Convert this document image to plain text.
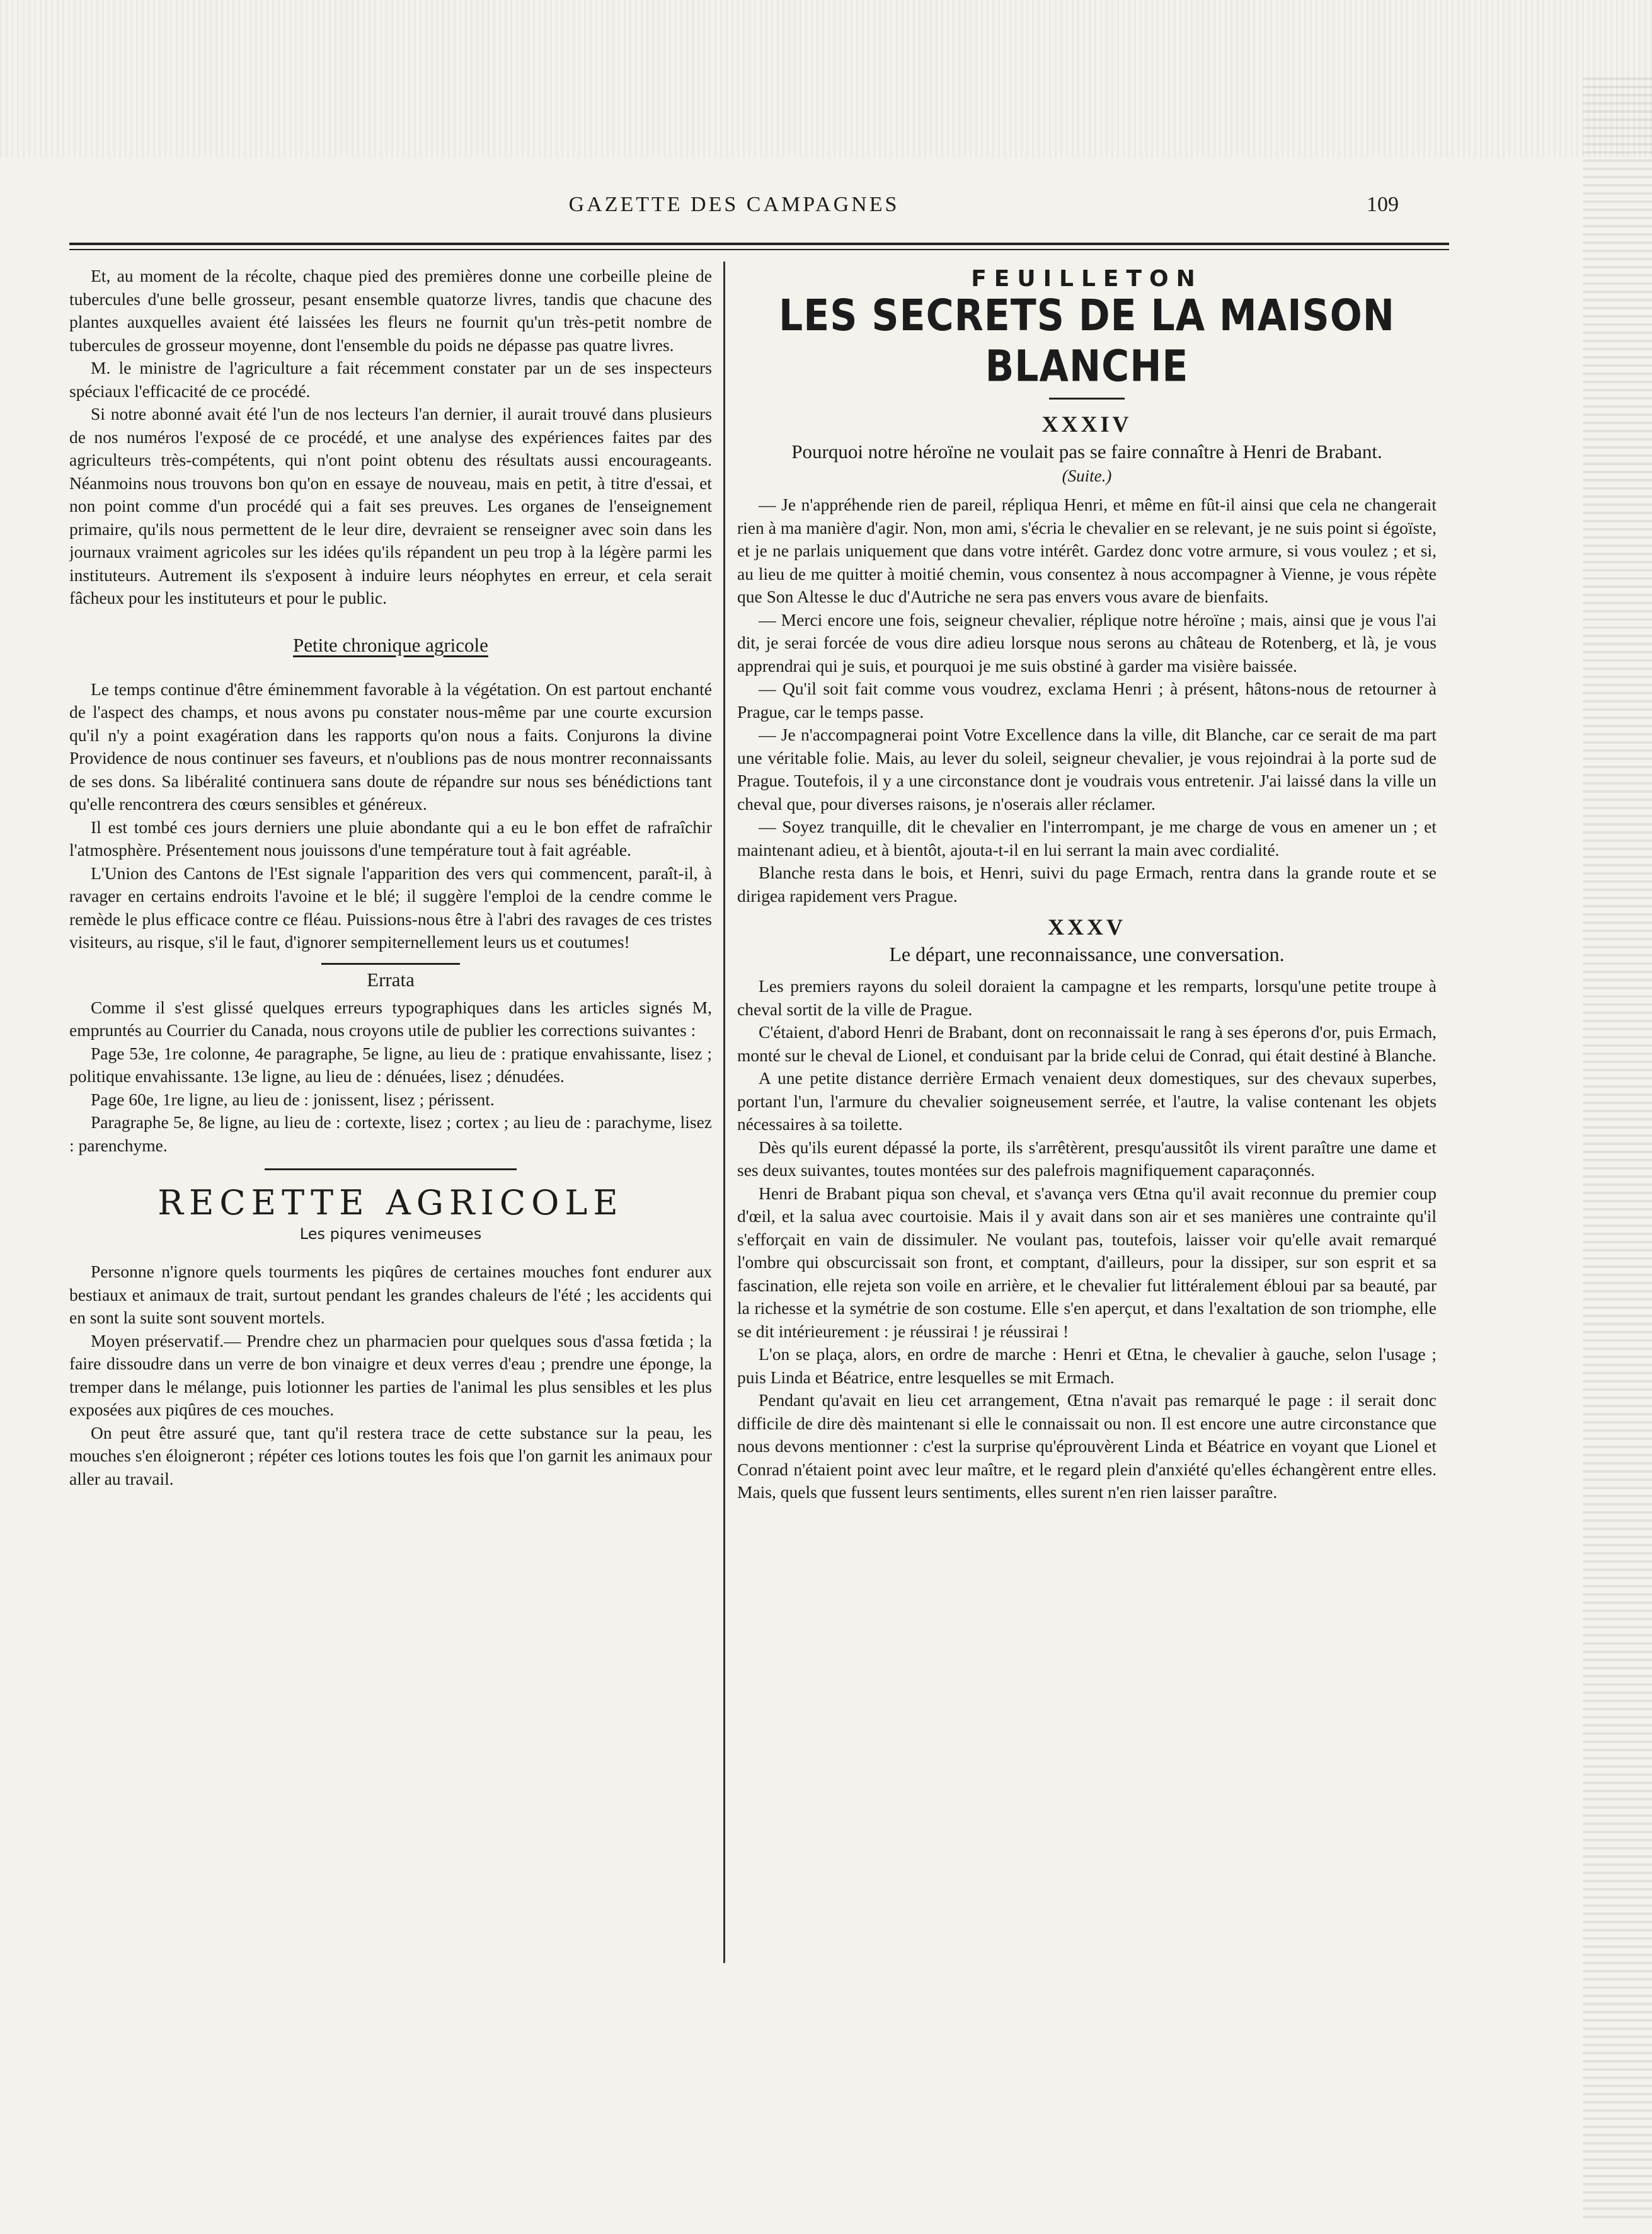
GAZETTE DES CAMPAGNES	109

Et, au moment de la récolte, chaque pied des premières donne une corbeille pleine de tubercules d'une belle grosseur, pesant ensemble quatorze livres, tandis que chacune des plantes auxquelles avaient été laissées les fleurs ne fournit qu'un très-petit nombre de tubercules de grosseur moyenne, dont l'ensemble du poids ne dépasse pas quatre livres.

M. le ministre de l'agriculture a fait récemment constater par un de ses inspecteurs spéciaux l'efficacité de ce procédé.

Si notre abonné avait été l'un de nos lecteurs l'an dernier, il aurait trouvé dans plusieurs de nos numéros l'exposé de ce procédé, et une analyse des expériences faites par des agriculteurs très-compétents, qui n'ont point obtenu des résultats aussi encourageants. Néanmoins nous trouvons bon qu'on en essaye de nouveau, mais en petit, à titre d'essai, et non point comme d'un procédé qui a fait ses preuves. Les organes de l'enseignement primaire, qu'ils nous permettent de le leur dire, devraient se renseigner avec soin dans les journaux vraiment agricoles sur les idées qu'ils répandent un peu trop à la légère parmi les instituteurs. Autrement ils s'exposent à induire leurs néophytes en erreur, et cela serait fâcheux pour les instituteurs et pour le public.

Petite chronique agricole

Le temps continue d'être éminemment favorable à la végétation. On est partout enchanté de l'aspect des champs, et nous avons pu constater nous-même par une courte excursion qu'il n'y a point exagération dans les rapports qu'on nous a faits. Conjurons la divine Providence de nous continuer ses faveurs, et n'oublions pas de nous montrer reconnaissants de ses dons. Sa libéralité continuera sans doute de répandre sur nous ses bénédictions tant qu'elle rencontrera des cœurs sensibles et généreux.

Il est tombé ces jours derniers une pluie abondante qui a eu le bon effet de rafraîchir l'atmosphère. Présentement nous jouissons d'une température tout à fait agréable.

L'Union des Cantons de l'Est signale l'apparition des vers qui commencent, paraît-il, à ravager en certains endroits l'avoine et le blé; il suggère l'emploi de la cendre comme le remède le plus efficace contre ce fléau. Puissions-nous être à l'abri des ravages de ces tristes visiteurs, au risque, s'il le faut, d'ignorer sempiternellement leurs us et coutumes!

Errata

Comme il s'est glissé quelques erreurs typographiques dans les articles signés M, empruntés au Courrier du Canada, nous croyons utile de publier les corrections suivantes :

Page 53e, 1re colonne, 4e paragraphe, 5e ligne, au lieu de : pratique envahissante, lisez ; politique envahissante. 13e ligne, au lieu de : dénuées, lisez ; dénudées.

Page 60e, 1re ligne, au lieu de : jonissent, lisez ; périssent.

Paragraphe 5e, 8e ligne, au lieu de : cortexte, lisez ; cortex ; au lieu de : parachyme, lisez : parenchyme.

RECETTE AGRICOLE
Les piqures venimeuses

Personne n'ignore quels tourments les piqûres de certaines mouches font endurer aux bestiaux et animaux de trait, surtout pendant les grandes chaleurs de l'été ; les accidents qui en sont la suite sont souvent mortels.

Moyen préservatif.— Prendre chez un pharmacien pour quelques sous d'assa fœtida ; la faire dissoudre dans un verre de bon vinaigre et deux verres d'eau ; prendre une éponge, la tremper dans le mélange, puis lotionner les parties de l'animal les plus sensibles et les plus exposées aux piqûres de ces mouches.

On peut être assuré que, tant qu'il restera trace de cette substance sur la peau, les mouches s'en éloigneront ; répéter ces lotions toutes les fois que l'on garnit les animaux pour aller au travail.

FEUILLETON
LES SECRETS DE LA MAISON BLANCHE
XXXIV
Pourquoi notre héroïne ne voulait pas se faire connaître à Henri de Brabant.
(Suite.)

— Je n'appréhende rien de pareil, répliqua Henri, et même en fût-il ainsi que cela ne changerait rien à ma manière d'agir. Non, mon ami, s'écria le chevalier en se relevant, je ne suis point si égoïste, et je ne parlais uniquement que dans votre intérêt. Gardez donc votre armure, si vous voulez ; et si, au lieu de me quitter à moitié chemin, vous consentez à nous accompagner à Vienne, je vous répète que Son Altesse le duc d'Autriche ne sera pas envers vous avare de bienfaits.

— Merci encore une fois, seigneur chevalier, réplique notre héroïne ; mais, ainsi que je vous l'ai dit, je serai forcée de vous dire adieu lorsque nous serons au château de Rotenberg, et là, je vous apprendrai qui je suis, et pourquoi je me suis obstiné à garder ma visière baissée.

— Qu'il soit fait comme vous voudrez, exclama Henri ; à présent, hâtons-nous de retourner à Prague, car le temps passe.

— Je n'accompagnerai point Votre Excellence dans la ville, dit Blanche, car ce serait de ma part une véritable folie. Mais, au lever du soleil, seigneur chevalier, je vous rejoindrai à la porte sud de Prague. Toutefois, il y a une circonstance dont je voudrais vous entretenir. J'ai laissé dans la ville un cheval que, pour diverses raisons, je n'oserais aller réclamer.

— Soyez tranquille, dit le chevalier en l'interrompant, je me charge de vous en amener un ; et maintenant adieu, et à bientôt, ajouta-t-il en lui serrant la main avec cordialité.

Blanche resta dans le bois, et Henri, suivi du page Ermach, rentra dans la grande route et se dirigea rapidement vers Prague.

XXXV
Le départ, une reconnaissance, une conversation.

Les premiers rayons du soleil doraient la campagne et les remparts, lorsqu'une petite troupe à cheval sortit de la ville de Prague.

C'étaient, d'abord Henri de Brabant, dont on reconnaissait le rang à ses éperons d'or, puis Ermach, monté sur le cheval de Lionel, et conduisant par la bride celui de Conrad, qui était destiné à Blanche.

A une petite distance derrière Ermach venaient deux domestiques, sur des chevaux superbes, portant l'un, l'armure du chevalier soigneusement serrée, et l'autre, la valise contenant les objets nécessaires à sa toilette.

Dès qu'ils eurent dépassé la porte, ils s'arrêtèrent, presqu'aussitôt ils virent paraître une dame et ses deux suivantes, toutes montées sur des palefrois magnifiquement caparaçonnés.

Henri de Brabant piqua son cheval, et s'avança vers Œtna qu'il avait reconnue du premier coup d'œil, et la salua avec courtoisie. Mais il y avait dans son air et ses manières une contrainte qu'il s'efforçait en vain de dissimuler. Ne voulant pas, toutefois, laisser voir qu'elle avait remarqué l'ombre qui obscurcissait son front, et comptant, d'ailleurs, pour la dissiper, sur son esprit et sa fascination, elle rejeta son voile en arrière, et le chevalier fut littéralement ébloui par sa beauté, par la richesse et la symétrie de son costume. Elle s'en aperçut, et dans l'exaltation de son triomphe, elle se dit intérieurement : je réussirai ! je réussirai !

L'on se plaça, alors, en ordre de marche : Henri et Œtna, le chevalier à gauche, selon l'usage ; puis Linda et Béatrice, entre lesquelles se mit Ermach.

Pendant qu'avait en lieu cet arrangement, Œtna n'avait pas remarqué le page : il serait donc difficile de dire dès maintenant si elle le connaissait ou non. Il est encore une autre circonstance que nous devons mentionner : c'est la surprise qu'éprouvèrent Linda et Béatrice en voyant que Lionel et Conrad n'étaient point avec leur maître, et le regard plein d'anxiété qu'elles échangèrent entre elles. Mais, quels que fussent leurs sentiments, elles surent n'en rien laisser paraître.
